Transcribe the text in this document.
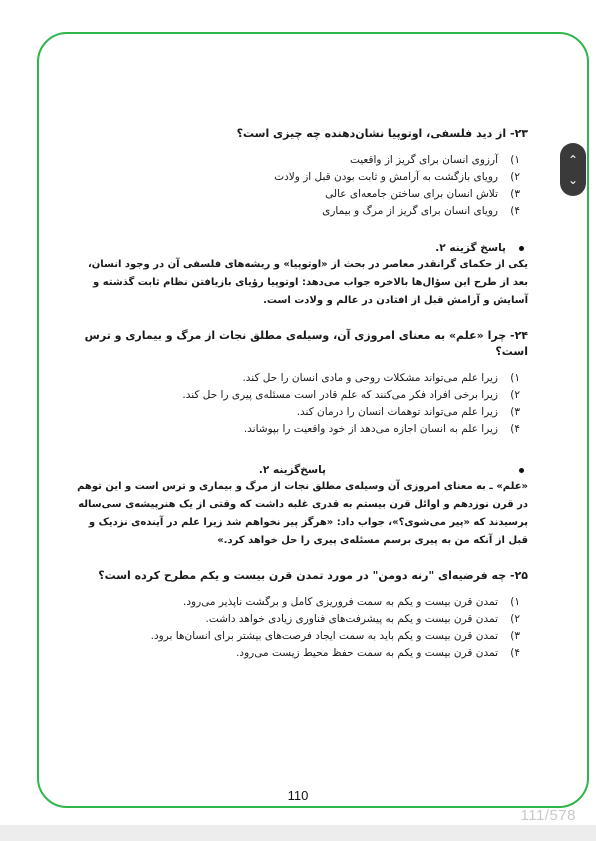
⌃
⌄

۲۳- از دید فلسفی، اوتوپیا نشان‌دهنده چه چیزی است؟

۱)
آرزوی انسان برای گریز از واقعیت
۲)
رویای بازگشت به آرامش و ثابت بودن قبل از ولادت
۳)
تلاش انسان برای ساختن جامعه‌ای عالی
۴)
رویای انسان برای گریز از مرگ و بیماری
پاسخ گزینه ۲.
یکی از حکمای گرانقدر معاصر در بحث از «اوتوپیا» و ریشه‌های فلسفی آن در وجود انسان، بعد از طرح این سؤال‌ها بالاخره جواب می‌دهد: اوتوپیا رؤیای بازیافتن نظام ثابت گذشته و آسایش و آرامش قبل از افتادن در عالم و ولادت است.

۲۴- چرا «علم» به معنای امروزی آن، وسیله‌ی مطلق نجات از مرگ و بیماری و ترس است؟

۱)
زیرا علم می‌تواند مشکلات روحی و مادی انسان را حل کند.
۲)
زیرا برخی افراد فکر می‌کنند که علم قادر است مسئله‌ی پیری را حل کند.
۳)
زیرا علم می‌تواند توهمات انسان را درمان کند.
۴)
زیرا علم به انسان اجازه می‌دهد از خود واقعیت را بپوشاند.
پاسخ‌گزینه ۲.
«علم» ـ به معنای امروزی آن وسیله‌ی مطلق نجات از مرگ و بیماری و ترس است و این توهم در قرن نوزدهم و اوائل قرن بیستم به قدری غلبه داشت که وقتی از یک هنرپیشه‌ی سی‌ساله پرسیدند که «پیر می‌شوی؟»، جواب داد: «هرگز پیر نخواهم شد زیرا علم در آینده‌ی نزدیک و قبل از آنکه من به پیری برسم مسئله‌ی پیری را حل خواهد کرد.»

۲۵- چه فرضیه‌ای "رنه دومن" در مورد تمدن قرن بیست و یکم مطرح کرده است؟

۱)
تمدن قرن بیست و یکم به سمت فروریزی کامل و برگشت ناپذیر می‌رود.
۲)
تمدن قرن بیست و یکم به پیشرفت‌های فناوری زیادی خواهد داشت.
۳)
تمدن قرن بیست و یکم باید به سمت ایجاد فرصت‌های بیشتر برای انسان‌ها برود.
۴)
تمدن قرن بیست و یکم به سمت حفظ محیط زیست می‌رود.
110
111/578
